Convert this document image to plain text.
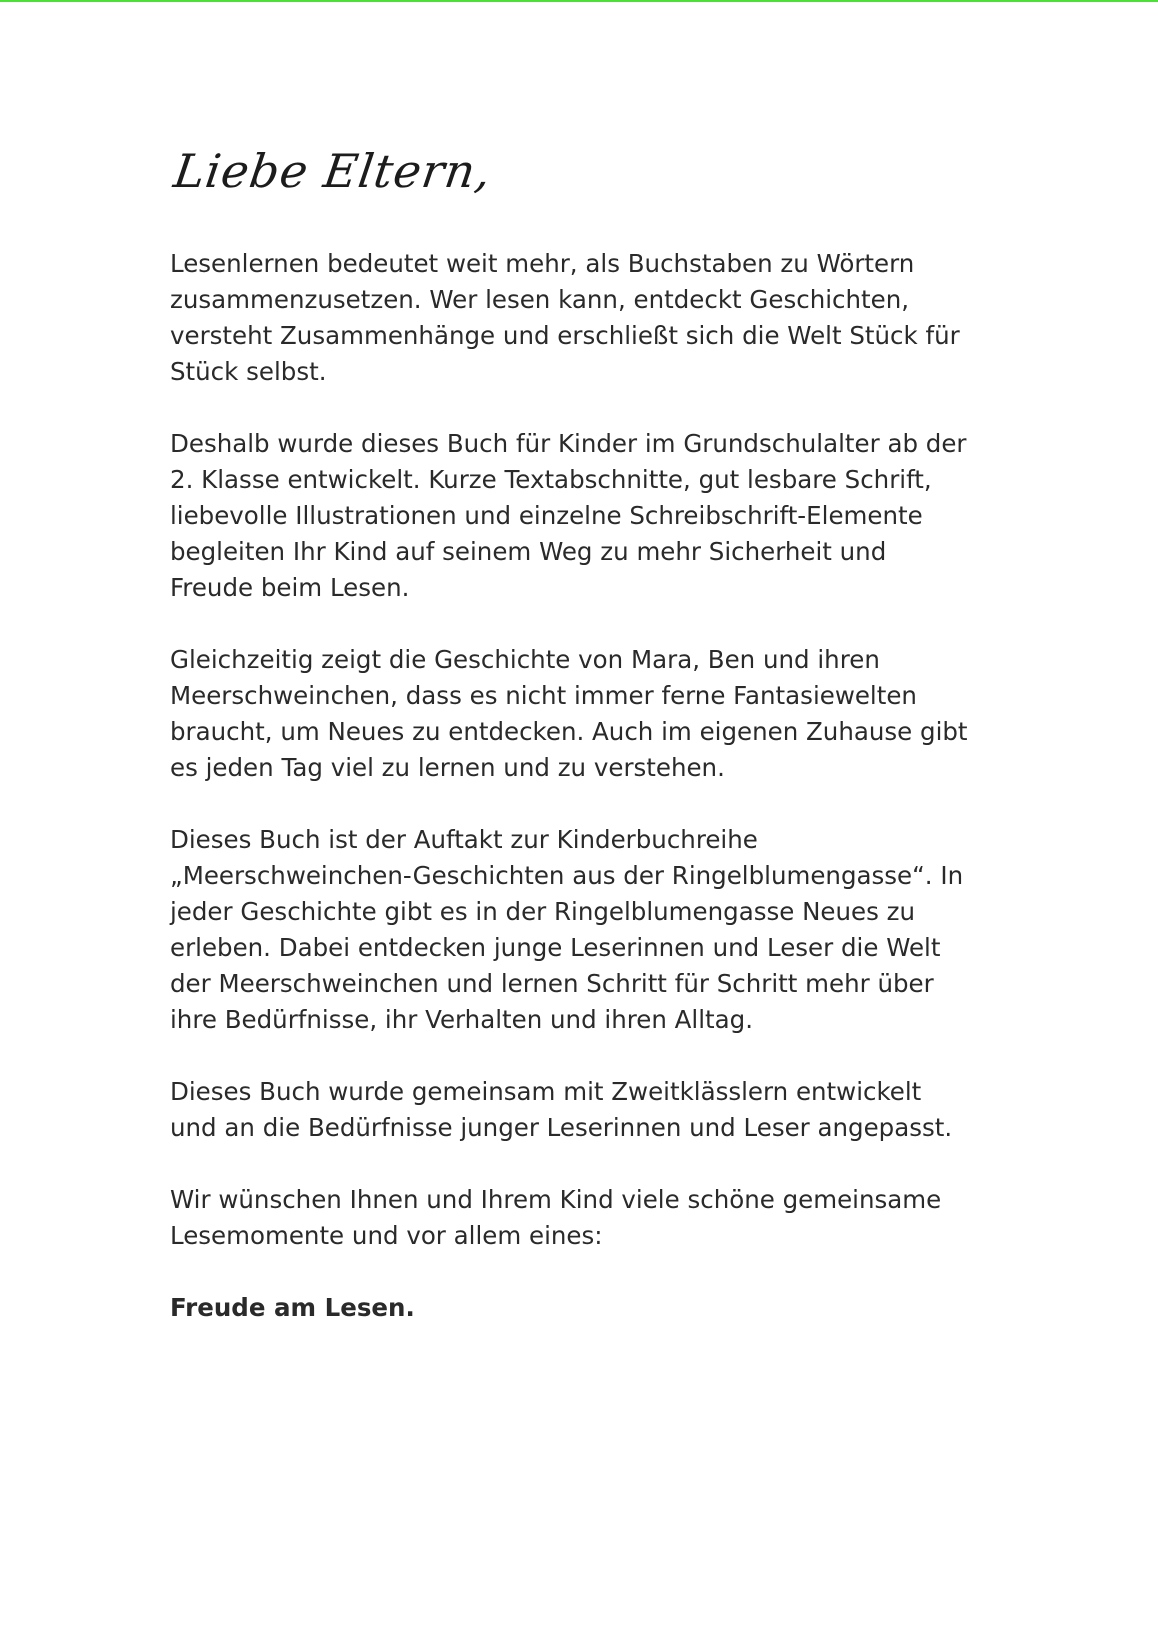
Liebe Eltern,

Lesenlernen bedeutet weit mehr, als Buchstaben zu Wörtern zusammenzusetzen. Wer lesen kann, entdeckt Geschichten, versteht Zusammenhänge und erschließt sich die Welt Stück für Stück selbst.

Deshalb wurde dieses Buch für Kinder im Grundschulalter ab der 2. Klasse entwickelt. Kurze Textabschnitte, gut lesbare Schrift, liebevolle Illustrationen und einzelne Schreibschrift-Elemente begleiten Ihr Kind auf seinem Weg zu mehr Sicherheit und Freude beim Lesen.

Gleichzeitig zeigt die Geschichte von Mara, Ben und ihren Meerschweinchen, dass es nicht immer ferne Fantasiewelten braucht, um Neues zu entdecken. Auch im eigenen Zuhause gibt es jeden Tag viel zu lernen und zu verstehen.

Dieses Buch ist der Auftakt zur Kinderbuchreihe „Meerschweinchen-Geschichten aus der Ringelblumengasse“. In jeder Geschichte gibt es in der Ringelblumengasse Neues zu erleben. Dabei entdecken junge Leserinnen und Leser die Welt der Meerschweinchen und lernen Schritt für Schritt mehr über ihre Bedürfnisse, ihr Verhalten und ihren Alltag.

Dieses Buch wurde gemeinsam mit Zweitklässlern entwickelt und an die Bedürfnisse junger Leserinnen und Leser angepasst.

Wir wünschen Ihnen und Ihrem Kind viele schöne gemeinsame Lesemomente und vor allem eines:

Freude am Lesen.
